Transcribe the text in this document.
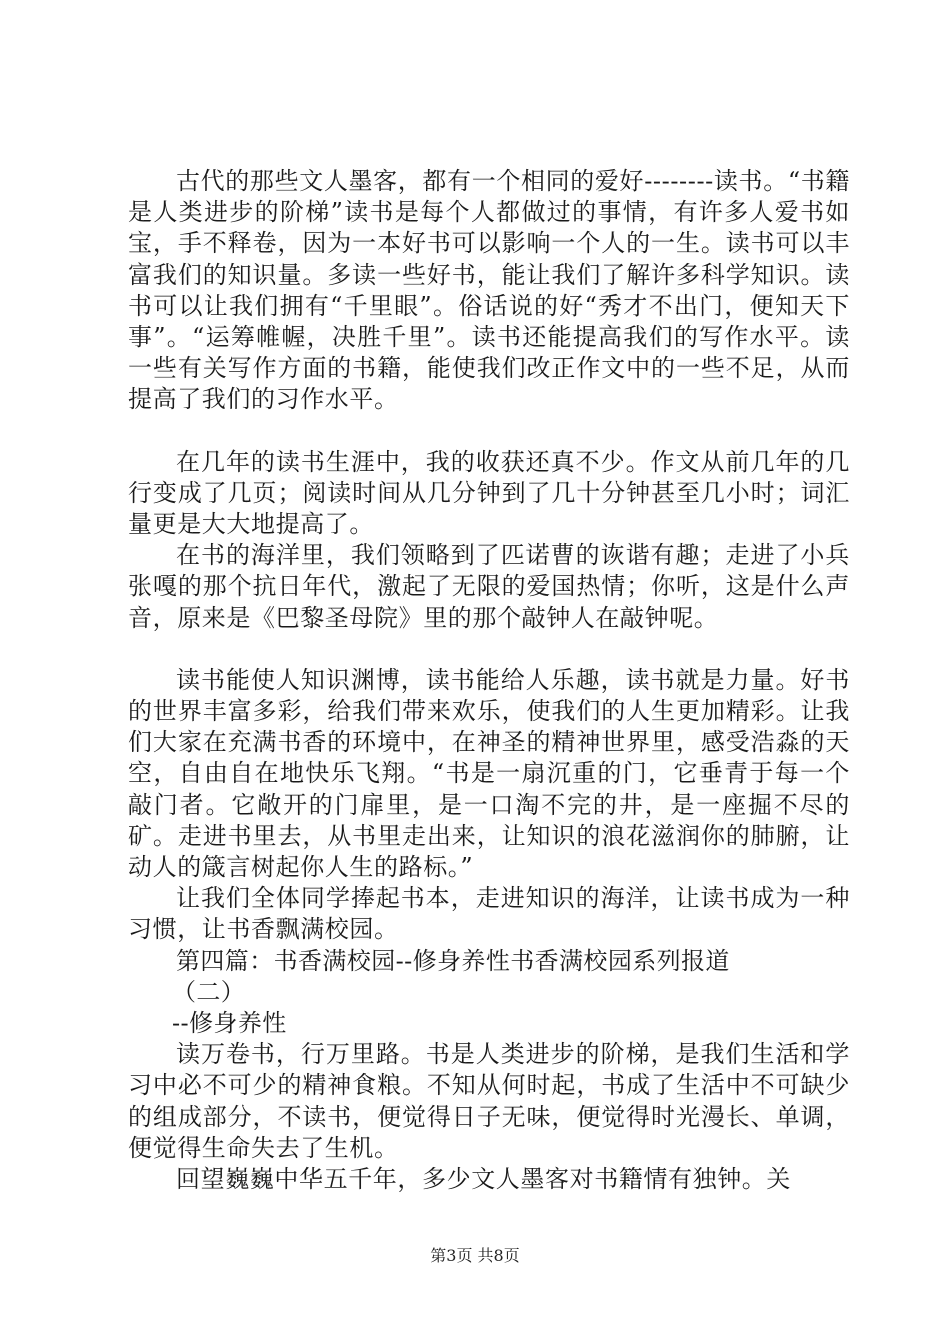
古代的那些文人墨客，都有一个相同的爱好--------读书。“书籍是人类进步的阶梯”读书是每个人都做过的事情，有许多人爱书如宝，手不释卷，因为一本好书可以影响一个人的一生。读书可以丰富我们的知识量。多读一些好书，能让我们了解许多科学知识。读书可以让我们拥有“千里眼”。俗话说的好“秀才不出门，便知天下事”。“运筹帷幄，决胜千里”。读书还能提高我们的写作水平。读一些有关写作方面的书籍，能使我们改正作文中的一些不足，从而提高了我们的习作水平。

在几年的读书生涯中，我的收获还真不少。作文从前几年的几行变成了几页；阅读时间从几分钟到了几十分钟甚至几小时；词汇量更是大大地提高了。

在书的海洋里，我们领略到了匹诺曹的诙谐有趣；走进了小兵张嘎的那个抗日年代，激起了无限的爱国热情；你听，这是什么声音，原来是《巴黎圣母院》里的那个敲钟人在敲钟呢。

读书能使人知识渊博，读书能给人乐趣，读书就是力量。好书的世界丰富多彩，给我们带来欢乐，使我们的人生更加精彩。让我们大家在充满书香的环境中，在神圣的精神世界里，感受浩淼的天空，自由自在地快乐飞翔。“书是一扇沉重的门，它垂青于每一个敲门者。它敞开的门扉里，是一口淘不完的井，是一座掘不尽的矿。走进书里去，从书里走出来，让知识的浪花滋润你的肺腑，让动人的箴言树起你人生的路标。”

让我们全体同学捧起书本，走进知识的海洋，让读书成为一种习惯，让书香飘满校园。

第四篇：书香满校园--修身养性书香满校园系列报道

（二）

--修身养性

读万卷书，行万里路。书是人类进步的阶梯，是我们生活和学习中必不可少的精神食粮。不知从何时起，书成了生活中不可缺少的组成部分，不读书，便觉得日子无味，便觉得时光漫长、单调，便觉得生命失去了生机。

回望巍巍中华五千年，多少文人墨客对书籍情有独钟。关

第3页 共8页
